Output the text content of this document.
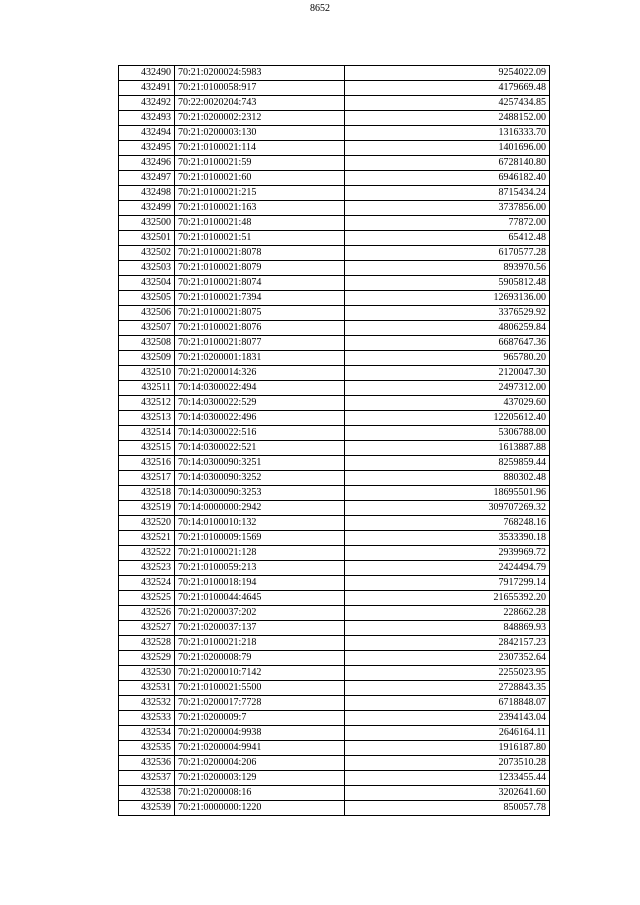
8652
432490	70:21:0200024:5983	9254022.09
432491	70:21:0100058:917	4179669.48
432492	70:22:0020204:743	4257434.85
432493	70:21:0200002:2312	2488152.00
432494	70:21:0200003:130	1316333.70
432495	70:21:0100021:114	1401696.00
432496	70:21:0100021:59	6728140.80
432497	70:21:0100021:60	6946182.40
432498	70:21:0100021:215	8715434.24
432499	70:21:0100021:163	3737856.00
432500	70:21:0100021:48	77872.00
432501	70:21:0100021:51	65412.48
432502	70:21:0100021:8078	6170577.28
432503	70:21:0100021:8079	893970.56
432504	70:21:0100021:8074	5905812.48
432505	70:21:0100021:7394	12693136.00
432506	70:21:0100021:8075	3376529.92
432507	70:21:0100021:8076	4806259.84
432508	70:21:0100021:8077	6687647.36
432509	70:21:0200001:1831	965780.20
432510	70:21:0200014:326	2120047.30
432511	70:14:0300022:494	2497312.00
432512	70:14:0300022:529	437029.60
432513	70:14:0300022:496	12205612.40
432514	70:14:0300022:516	5306788.00
432515	70:14:0300022:521	1613887.88
432516	70:14:0300090:3251	8259859.44
432517	70:14:0300090:3252	880302.48
432518	70:14:0300090:3253	18695501.96
432519	70:14:0000000:2942	309707269.32
432520	70:14:0100010:132	768248.16
432521	70:21:0100009:1569	3533390.18
432522	70:21:0100021:128	2939969.72
432523	70:21:0100059:213	2424494.79
432524	70:21:0100018:194	7917299.14
432525	70:21:0100044:4645	21655392.20
432526	70:21:0200037:202	228662.28
432527	70:21:0200037:137	848869.93
432528	70:21:0100021:218	2842157.23
432529	70:21:0200008:79	2307352.64
432530	70:21:0200010:7142	2255023.95
432531	70:21:0100021:5500	2728843.35
432532	70:21:0200017:7728	6718848.07
432533	70:21:0200009:7	2394143.04
432534	70:21:0200004:9938	2646164.11
432535	70:21:0200004:9941	1916187.80
432536	70:21:0200004:206	2073510.28
432537	70:21:0200003:129	1233455.44
432538	70:21:0200008:16	3202641.60
432539	70:21:0000000:1220	850057.78
